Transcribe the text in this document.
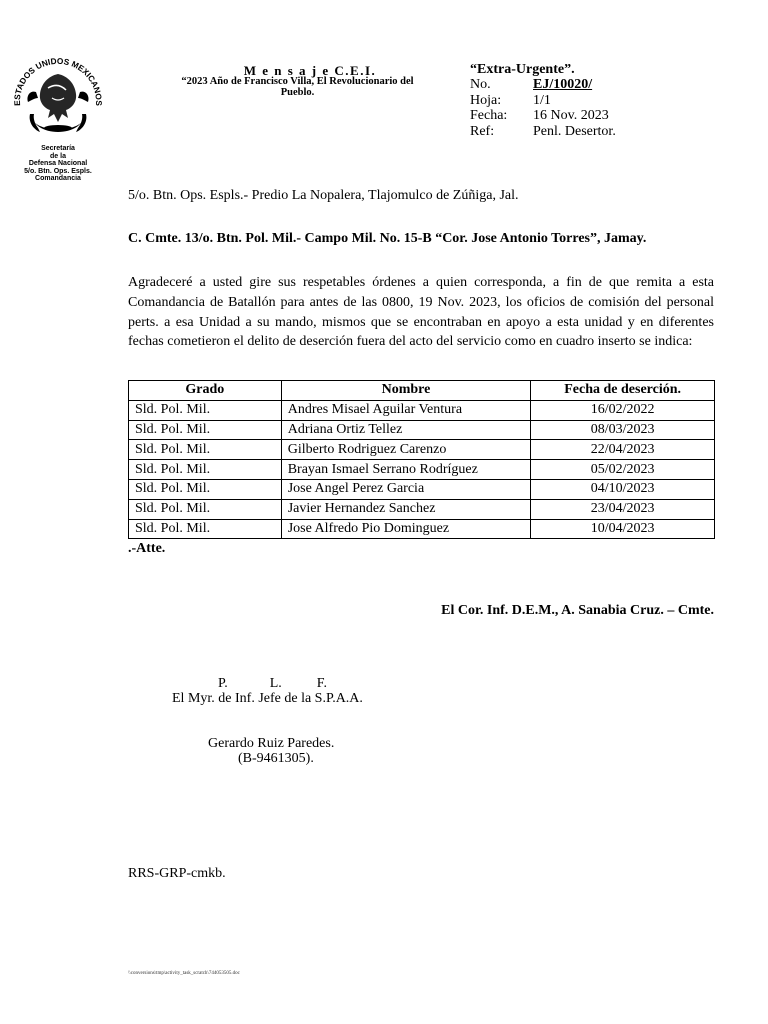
ESTADOS UNIDOS MEXICANOS
Secretaría
de la
Defensa Nacional
5/o. Btn. Ops. Espls.
Comandancia
M e n s a j e C.E.I.
“2023 Año de Francisco Villa, El Revolucionario del Pueblo.
“Extra-Urgente”.
No.	EJ/10020/
Hoja:	1/1
Fecha:	16 Nov. 2023
Ref:	Penl. Desertor.
5/o. Btn. Ops. Espls.- Predio La Nopalera, Tlajomulco de Zúñiga, Jal.
C. Cmte. 13/o. Btn. Pol. Mil.- Campo Mil. No. 15-B “Cor. Jose Antonio Torres”, Jamay.
Agradeceré a usted gire sus respetables órdenes a quien corresponda, a fin de que remita a esta Comandancia de Batallón para antes de las 0800, 19 Nov. 2023, los oficios de comisión del personal perts. a esa Unidad a su mando, mismos que se encontraban en apoyo a esta unidad y en diferentes fechas cometieron el delito de deserción fuera del acto del servicio como en cuadro inserto se indica:
Grado	Nombre	Fecha de deserción.
Sld. Pol. Mil.	Andres Misael Aguilar Ventura	16/02/2022
Sld. Pol. Mil.	Adriana Ortiz Tellez	08/03/2023
Sld. Pol. Mil.	Gilberto Rodriguez Carenzo	22/04/2023
Sld. Pol. Mil.	Brayan Ismael Serrano Rodríguez	05/02/2023
Sld. Pol. Mil.	Jose Angel Perez Garcia	04/10/2023
Sld. Pol. Mil.	Javier Hernandez Sanchez	23/04/2023
Sld. Pol. Mil.	Jose Alfredo Pio Dominguez	10/04/2023
.-Atte.
El Cor. Inf. D.E.M., A. Sanabia Cruz. – Cmte.
P.            L.          F.
El Myr. de Inf. Jefe de la S.P.A.A.
Gerardo Ruiz Paredes.
(B-9461305).
RRS-GRP-cmkb.
\\conversions\tmp\activity_task_scratch\744053505.doc
